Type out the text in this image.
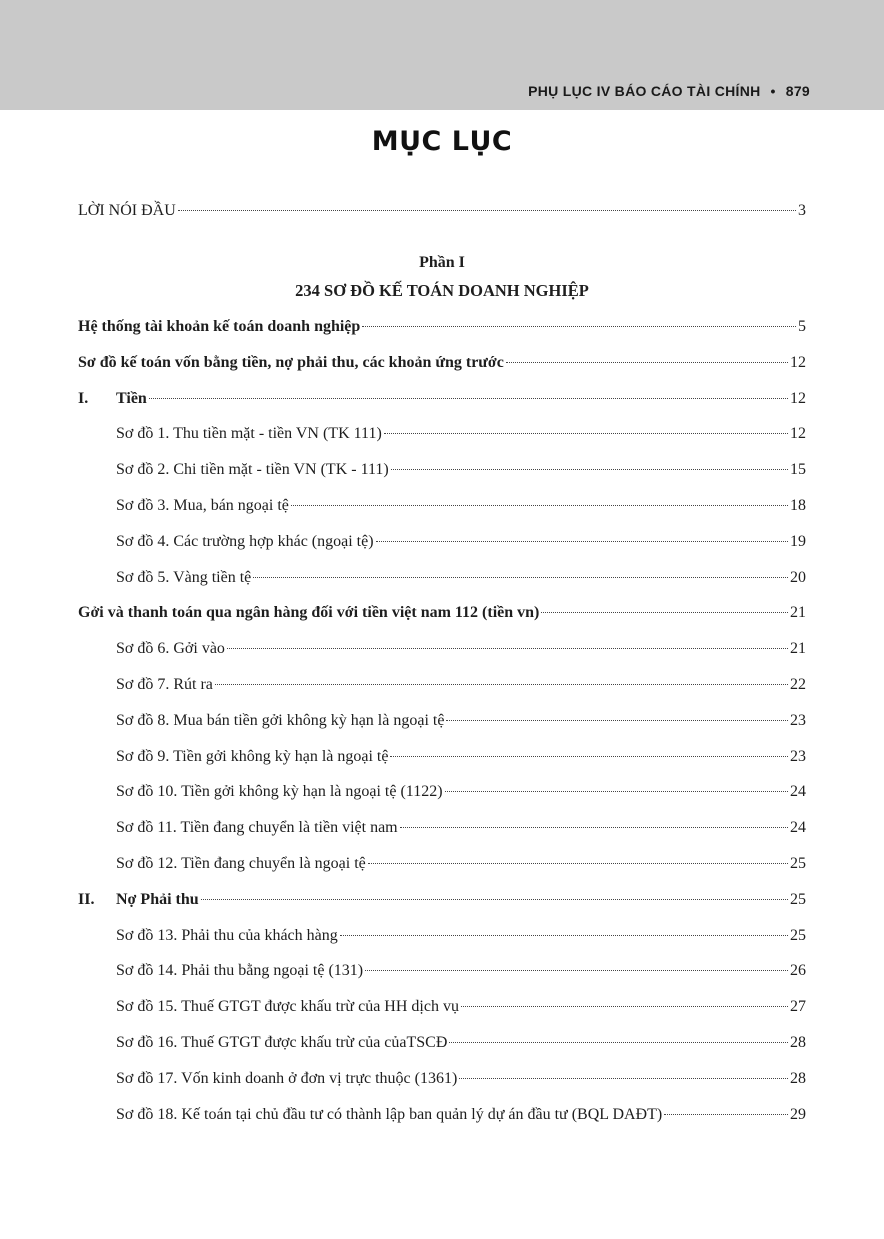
PHỤ LỤC IV BÁO CÁO TÀI CHÍNH • 879
MỤC LỤC
LỜI NÓI ĐẦU	3
Phần I
234 SƠ ĐỒ KẾ TOÁN DOANH NGHIỆP
Hệ thống tài khoản kế toán doanh nghiệp	5
Sơ đồ kế toán vốn bằng tiền, nợ phải thu, các khoản ứng trước	12
I. Tiền	12
Sơ đồ 1. Thu tiền mặt - tiền VN (TK 111)	12
Sơ đồ 2. Chi tiền mặt - tiền VN (TK - 111)	15
Sơ đồ 3. Mua, bán ngoại tệ	18
Sơ đồ 4. Các trường hợp khác (ngoại tệ)	19
Sơ đồ 5. Vàng tiền tệ	20
Gởi và thanh toán qua ngân hàng đối với tiền việt nam 112 (tiền vn)	21
Sơ đồ 6. Gởi vào	21
Sơ đồ 7. Rút ra	22
Sơ đồ 8. Mua bán tiền gởi không kỳ hạn là ngoại tệ	23
Sơ đồ 9. Tiền gởi không kỳ hạn là ngoại tệ	23
Sơ đồ 10. Tiền gởi không kỳ hạn là ngoại tệ (1122)	24
Sơ đồ 11. Tiền đang chuyển là tiền việt nam	24
Sơ đồ 12. Tiền đang chuyển là ngoại tệ	25
II. Nợ Phải thu	25
Sơ đồ 13. Phải thu của khách hàng	25
Sơ đồ 14. Phải thu bằng ngoại tệ (131)	26
Sơ đồ 15. Thuế GTGT được khấu trừ của HH dịch vụ	27
Sơ đồ 16. Thuế GTGT được khấu trừ của củaTSCĐ	28
Sơ đồ 17. Vốn kinh doanh ở đơn vị trực thuộc (1361)	28
Sơ đồ 18. Kế toán tại chủ đầu tư có thành lập ban quản lý dự án đầu tư (BQL DAĐT)	29
